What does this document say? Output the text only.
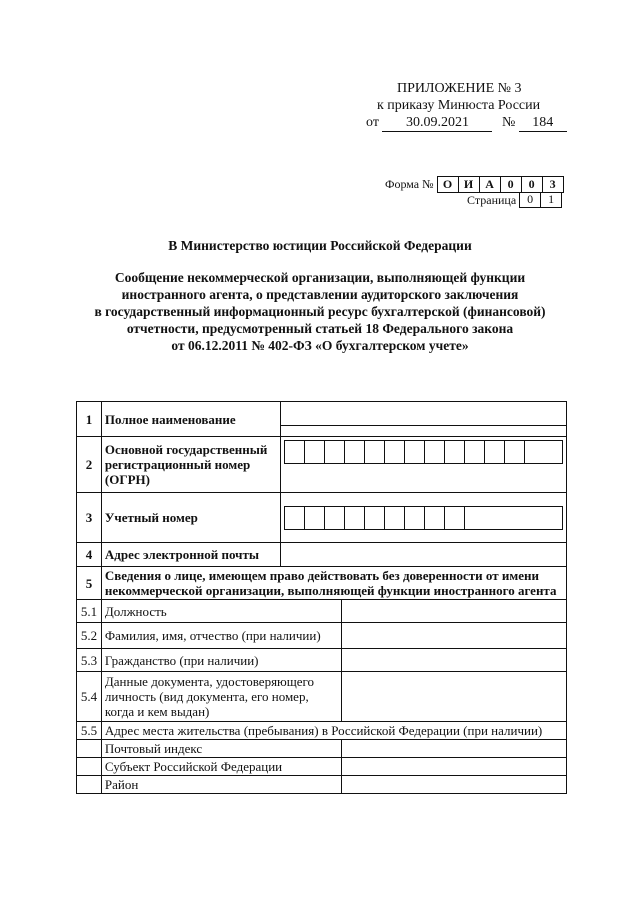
ПРИЛОЖЕНИЕ № 3
к приказу Минюста России
от 30.09.2021 № 184
Форма № О И А	0	0	3
Страница 0	1
В Министерство юстиции Российской Федерации
Сообщение некоммерческой организации, выполняющей функции
иностранного агента, о представлении аудиторского заключения
в государственный информационный ресурс бухгалтерской (финансовой)
отчетности, предусмотренный статьей 18 Федерального закона
от 06.12.2011 № 402-ФЗ «О бухгалтерском учете»
1	Полное наименование		

2	Основной государственный регистрационный номер (ОГРН)		

3	Учетный номер		

4	Адрес электронной почты		
5	Сведения о лице, имеющем право действовать без доверенности от имени некоммерческой организации, выполняющей функции иностранного агента		
5.1	Должность		
5.2	Фамилия, имя, отчество (при наличии)		
5.3	Гражданство (при наличии)		
5.4	Данные документа, удостоверяющего личность (вид документа, его номер, когда и кем выдан)		
5.5	Адрес места жительства (пребывания) в Российской Федерации (при наличии)		
	Почтовый индекс		
	Субъект Российской Федерации		
	Район		
